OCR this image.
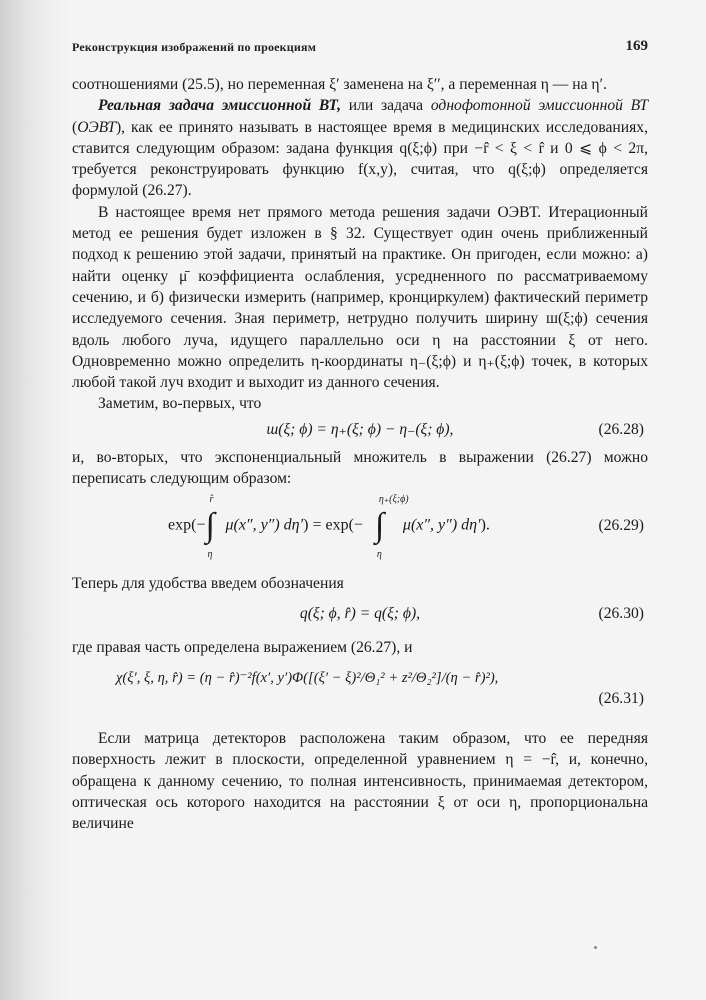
Реконструкция изображений по проекциям	169

соотношениями (25.5), но переменная ξ′ заменена на ξ′′, а переменная η — на η′.

Реальная задача эмиссионной ВТ, или задача однофотонной эмиссионной ВТ (ОЭВТ), как ее принято называть в настоящее время в медицинских исследованиях, ставится следующим образом: задана функция q(ξ;ϕ) при −r̂ < ξ < r̂ и 0 ⩽ ϕ < 2π, требуется реконструировать функцию f(x,y), считая, что q(ξ;ϕ) определяется формулой (26.27).

В настоящее время нет прямого метода решения задачи ОЭВТ. Итерационный метод ее решения будет изложен в § 32. Существует один очень приближенный подход к решению этой задачи, принятый на практике. Он пригоден, если можно: а) найти оценку μ̄ коэффициента ослабления, усредненного по рассматриваемому сечению, и б) физически измерить (например, кронциркулем) фактический периметр исследуемого сечения. Зная периметр, нетрудно получить ширину ш(ξ;ϕ) сечения вдоль любого луча, идущего параллельно оси η на расстоянии ξ от него. Одновременно можно определить η-координаты η₋(ξ;ϕ) и η₊(ξ;ϕ) точек, в которых любой такой луч входит и выходит из данного сечения.

Заметим, во-первых, что

ш(ξ; ϕ) = η₊(ξ; ϕ) − η₋(ξ; ϕ),	(26.28)

и, во-вторых, что экспоненциальный множитель в выражении (26.27) можно переписать следующим образом:

exp(−
r̂
∫
η
μ(x″, y″) dη′) = exp(−
η₊(ξ;ϕ)
∫
η
μ(x″, y″) dη′).	(26.29)

Теперь для удобства введем обозначения

q(ξ; ϕ, r̂) = q(ξ; ϕ),	(26.30)

где правая часть определена выражением (26.27), и

χ(ξ′, ξ, η, r̂) = (η − r̂)⁻²f(x′, y′)Φ([(ξ′ − ξ)²/Θ₁² + z²/Θ₂²]/(η − r̂)²),
(26.31)

Если матрица детекторов расположена таким образом, что ее передняя поверхность лежит в плоскости, определенной уравнением η = −r̂, и, конечно, обращена к данному сечению, то полная интенсивность, принимаемая детектором, оптическая ось которого находится на расстоянии ξ от оси η, пропорциональна величине
